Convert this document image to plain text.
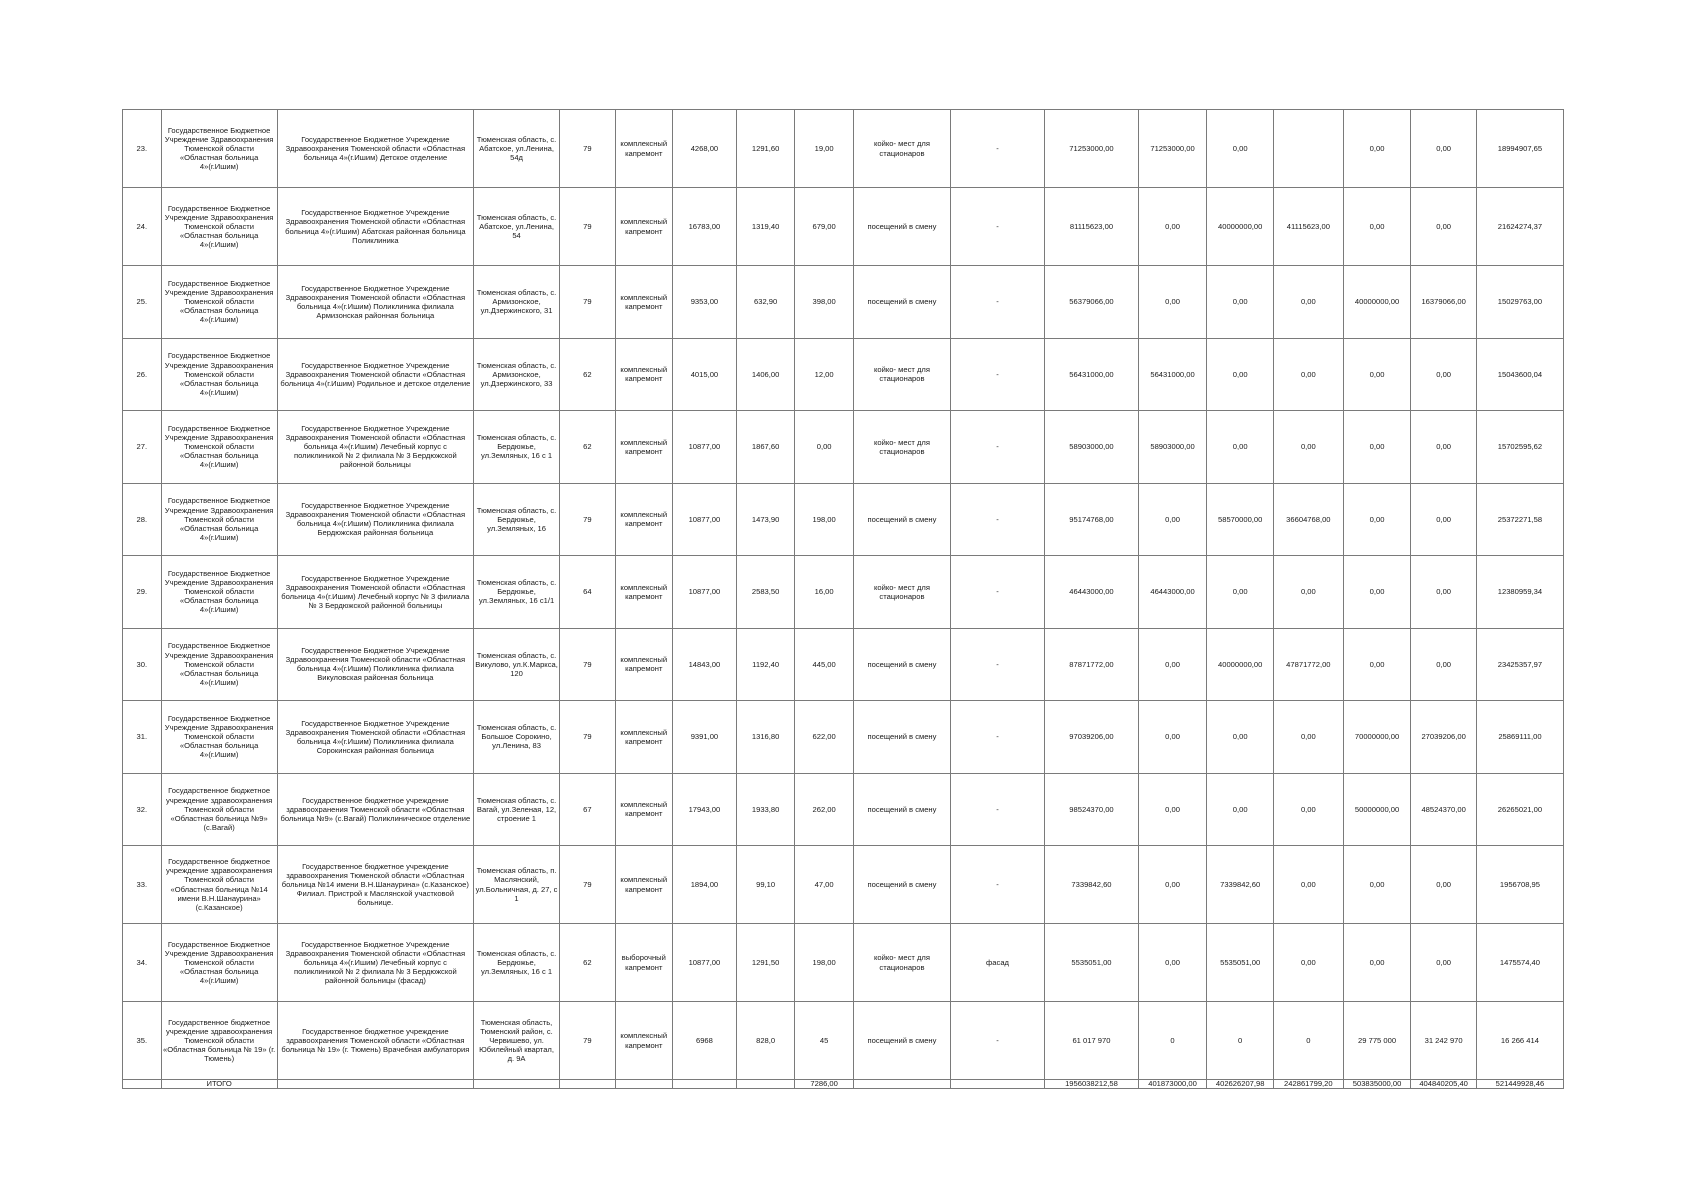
23.	Государственное Бюджетное Учреждение Здравоохранения Тюменской области «Областная больница 4»(г.Ишим)	Государственное Бюджетное Учреждение Здравоохранения Тюменской области «Областная больница 4»(г.Ишим) Детское отделение	Тюменская область, с. Абатское, ул.Ленина, 54д	79	комплексный капремонт	4268,00	1291,60	19,00	койко- мест для стационаров	-	71253000,00	71253000,00	0,00		0,00	0,00	18994907,65
24.	Государственное Бюджетное Учреждение Здравоохранения Тюменской области «Областная больница 4»(г.Ишим)	Государственное Бюджетное Учреждение Здравоохранения Тюменской области «Областная больница 4»(г.Ишим) Абатская районная больница Поликлиника	Тюменская область, с. Абатское, ул.Ленина, 54	79	комплексный капремонт	16783,00	1319,40	679,00	посещений в смену	-	81115623,00	0,00	40000000,00	41115623,00	0,00	0,00	21624274,37
25.	Государственное Бюджетное Учреждение Здравоохранения Тюменской области «Областная больница 4»(г.Ишим)	Государственное Бюджетное Учреждение Здравоохранения Тюменской области «Областная больница 4»(г.Ишим) Поликлиника филиала Армизонская районная больница	Тюменская область, с. Армизонское, ул.Дзержинского, 31	79	комплексный капремонт	9353,00	632,90	398,00	посещений в смену	-	56379066,00	0,00	0,00	0,00	40000000,00	16379066,00	15029763,00
26.	Государственное Бюджетное Учреждение Здравоохранения Тюменской области «Областная больница 4»(г.Ишим)	Государственное Бюджетное Учреждение Здравоохранения Тюменской области «Областная больница 4»(г.Ишим) Родильное и детское отделение	Тюменская область, с. Армизонское, ул.Дзержинского, 33	62	комплексный капремонт	4015,00	1406,00	12,00	койко- мест для стационаров	-	56431000,00	56431000,00	0,00	0,00	0,00	0,00	15043600,04
27.	Государственное Бюджетное Учреждение Здравоохранения Тюменской области «Областная больница 4»(г.Ишим)	Государственное Бюджетное Учреждение Здравоохранения Тюменской области «Областная больница 4»(г.Ишим) Лечебный корпус с поликлиникой № 2 филиала № 3 Бердюжской районной больницы	Тюменская область, с. Бердюжье, ул.Земляных, 16 с 1	62	комплексный капремонт	10877,00	1867,60	0,00	койко- мест для стационаров	-	58903000,00	58903000,00	0,00	0,00	0,00	0,00	15702595,62
28.	Государственное Бюджетное Учреждение Здравоохранения Тюменской области «Областная больница 4»(г.Ишим)	Государственное Бюджетное Учреждение Здравоохранения Тюменской области «Областная больница 4»(г.Ишим) Поликлиника филиала Бердюжская районная больница	Тюменская область, с. Бердюжье, ул.Земляных, 16	79	комплексный капремонт	10877,00	1473,90	198,00	посещений в смену	-	95174768,00	0,00	58570000,00	36604768,00	0,00	0,00	25372271,58
29.	Государственное Бюджетное Учреждение Здравоохранения Тюменской области «Областная больница 4»(г.Ишим)	Государственное Бюджетное Учреждение Здравоохранения Тюменской области «Областная больница 4»(г.Ишим) Лечебный корпус № 3 филиала № 3 Бердюжской районной больницы	Тюменская область, с. Бердюжье, ул.Земляных, 16 с1/1	64	комплексный капремонт	10877,00	2583,50	16,00	койко- мест для стационаров	-	46443000,00	46443000,00	0,00	0,00	0,00	0,00	12380959,34
30.	Государственное Бюджетное Учреждение Здравоохранения Тюменской области «Областная больница 4»(г.Ишим)	Государственное Бюджетное Учреждение Здравоохранения Тюменской области «Областная больница 4»(г.Ишим) Поликлиника филиала Викуловская районная больница	Тюменская область, с. Викулово, ул.К.Маркса, 120	79	комплексный капремонт	14843,00	1192,40	445,00	посещений в смену	-	87871772,00	0,00	40000000,00	47871772,00	0,00	0,00	23425357,97
31.	Государственное Бюджетное Учреждение Здравоохранения Тюменской области «Областная больница 4»(г.Ишим)	Государственное Бюджетное Учреждение Здравоохранения Тюменской области «Областная больница 4»(г.Ишим) Поликлиника филиала Сорокинская районная больница	Тюменская область, с. Большое Сорокино, ул.Ленина, 83	79	комплексный капремонт	9391,00	1316,80	622,00	посещений в смену	-	97039206,00	0,00	0,00	0,00	70000000,00	27039206,00	25869111,00
32.	Государственное бюджетное учреждение здравоохранения Тюменской области «Областная больница №9» (с.Вагай)	Государственное бюджетное учреждение здравоохранения Тюменской области «Областная больница №9» (с.Вагай) Поликлиническое отделение	Тюменская область, с. Вагай, ул.Зеленая, 12, строение 1	67	комплексный капремонт	17943,00	1933,80	262,00	посещений в смену	-	98524370,00	0,00	0,00	0,00	50000000,00	48524370,00	26265021,00
33.	Государственное бюджетное учреждение здравоохранения Тюменской области «Областная больница №14 имени В.Н.Шанаурина» (с.Казанское)	Государственное бюджетное учреждение здравоохранения Тюменской области «Областная больница №14 имени В.Н.Шанаурина» (с.Казанское) Филиал. Пристрой к Маслянской участковой больнице.	Тюменская область, п. Маслянский, ул.Больничная, д. 27, с 1	79	комплексный капремонт	1894,00	99,10	47,00	посещений в смену	-	7339842,60	0,00	7339842,60	0,00	0,00	0,00	1956708,95
34.	Государственное Бюджетное Учреждение Здравоохранения Тюменской области «Областная больница 4»(г.Ишим)	Государственное Бюджетное Учреждение Здравоохранения Тюменской области «Областная больница 4»(г.Ишим) Лечебный корпус с поликлиникой № 2 филиала № 3 Бердюжской районной больницы (фасад)	Тюменская область, с. Бердюжье, ул.Земляных, 16 с 1	62	выборочный капремонт	10877,00	1291,50	198,00	койко- мест для стационаров	фасад	5535051,00	0,00	5535051,00	0,00	0,00	0,00	1475574,40
35.	Государственное бюджетное учреждение здравоохранения Тюменской области «Областная больница № 19» (г. Тюмень)	Государственное бюджетное учреждение здравоохранения Тюменской области «Областная больница № 19» (г. Тюмень) Врачебная амбулатория	Тюменская область, Тюменский район, с. Червишево, ул. Юбилейный квартал, д. 9А	79	комплексный капремонт	6968	828,0	45	посещений в смену	-	61 017 970	0	0	0	29 775 000	31 242 970	16 266 414
	ИТОГО							7286,00			1956038212,58	401873000,00	402626207,98	242861799,20	503835000,00	404840205,40	521449928,46
